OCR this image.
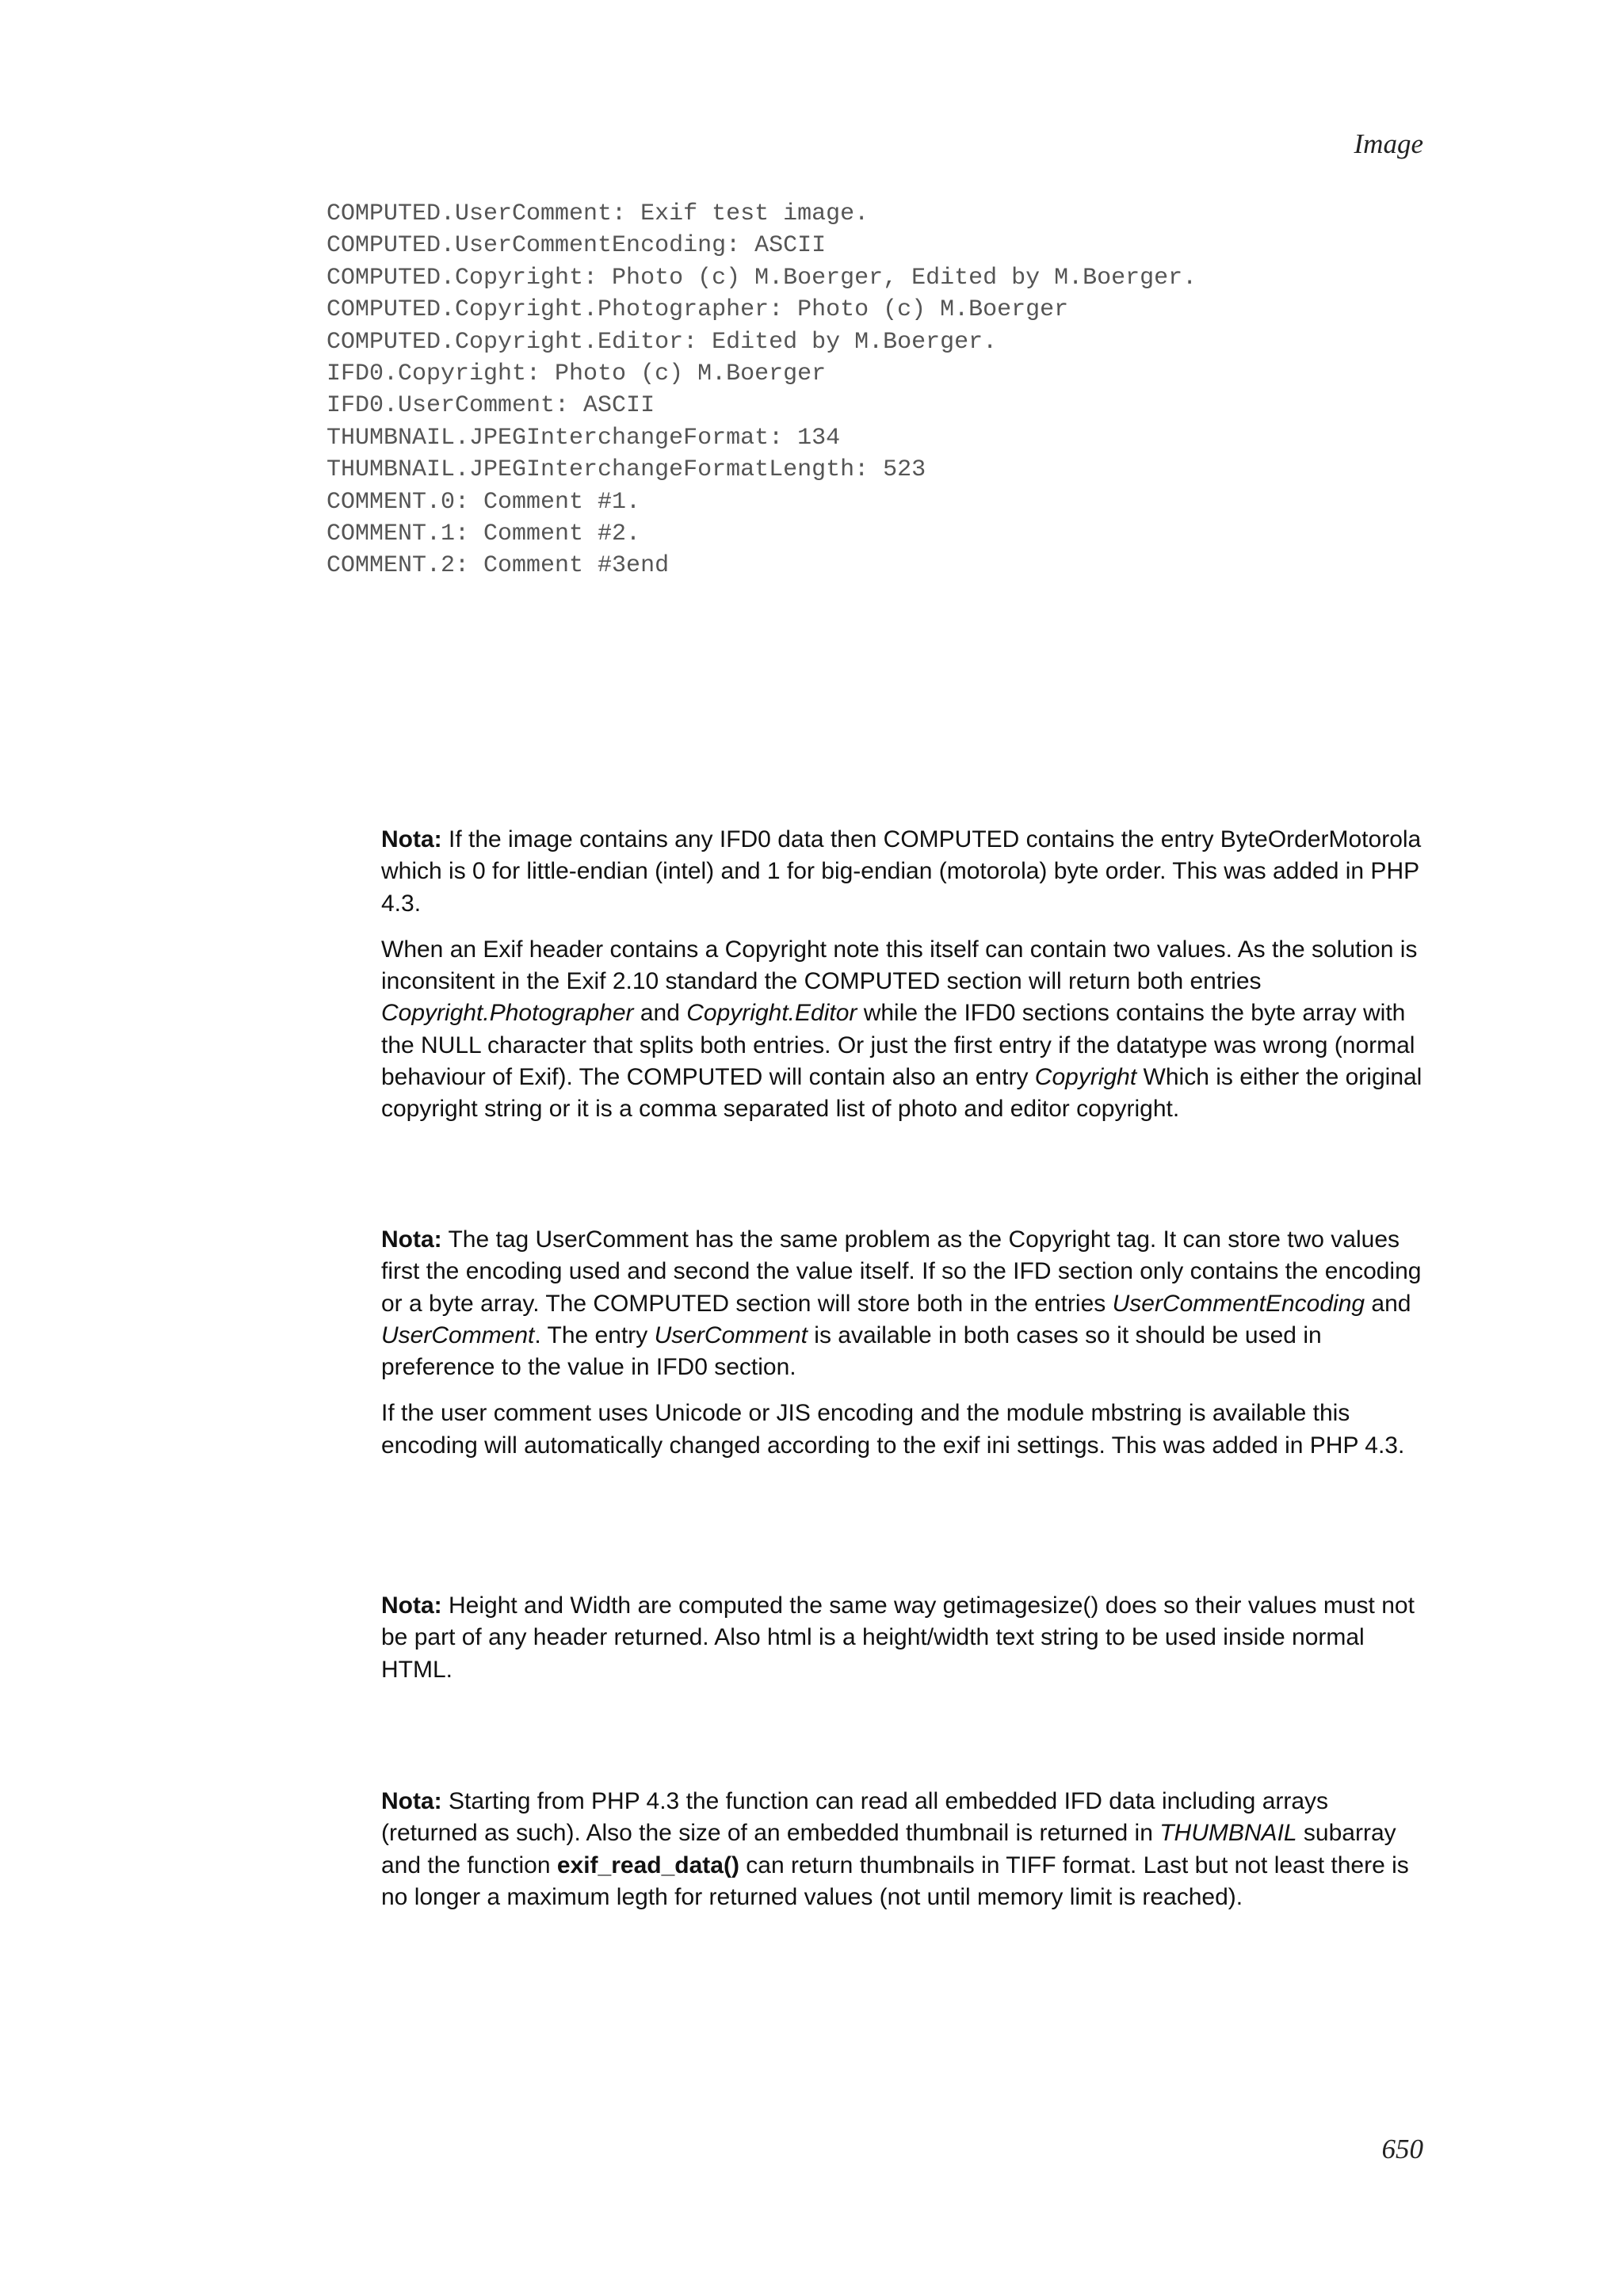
Image
COMPUTED.UserComment: Exif test image.
COMPUTED.UserCommentEncoding: ASCII
COMPUTED.Copyright: Photo (c) M.Boerger, Edited by M.Boerger.
COMPUTED.Copyright.Photographer: Photo (c) M.Boerger
COMPUTED.Copyright.Editor: Edited by M.Boerger.
IFD0.Copyright: Photo (c) M.Boerger
IFD0.UserComment: ASCII
THUMBNAIL.JPEGInterchangeFormat: 134
THUMBNAIL.JPEGInterchangeFormatLength: 523
COMMENT.0: Comment #1.
COMMENT.1: Comment #2.
COMMENT.2: Comment #3end

Nota: If the image contains any IFD0 data then COMPUTED contains the entry ByteOrderMotorola which is 0 for little-endian (intel) and 1 for big-endian (motorola) byte order. This was added in PHP 4.3.

When an Exif header contains a Copyright note this itself can contain two values. As the solution is inconsitent in the Exif 2.10 standard the COMPUTED section will return both entries Copyright.Photographer and Copyright.Editor while the IFD0 sections contains the byte array with the NULL character that splits both entries. Or just the first entry if the datatype was wrong (normal behaviour of Exif). The COMPUTED will contain also an entry Copyright Which is either the original copyright string or it is a comma separated list of photo and editor copyright.

Nota: The tag UserComment has the same problem as the Copyright tag. It can store two values first the encoding used and second the value itself. If so the IFD section only contains the encoding or a byte array. The COMPUTED section will store both in the entries UserCommentEncoding and UserComment. The entry UserComment is available in both cases so it should be used in preference to the value in IFD0 section.

If the user comment uses Unicode or JIS encoding and the module mbstring is available this encoding will automatically changed according to the exif ini settings. This was added in PHP 4.3.

Nota: Height and Width are computed the same way getimagesize() does so their values must not be part of any header returned. Also html is a height/width text string to be used inside normal HTML.

Nota: Starting from PHP 4.3 the function can read all embedded IFD data including arrays (returned as such). Also the size of an embedded thumbnail is returned in THUMBNAIL subarray and the function exif_read_data() can return thumbnails in TIFF format. Last but not least there is no longer a maximum legth for returned values (not until memory limit is reached).

650
